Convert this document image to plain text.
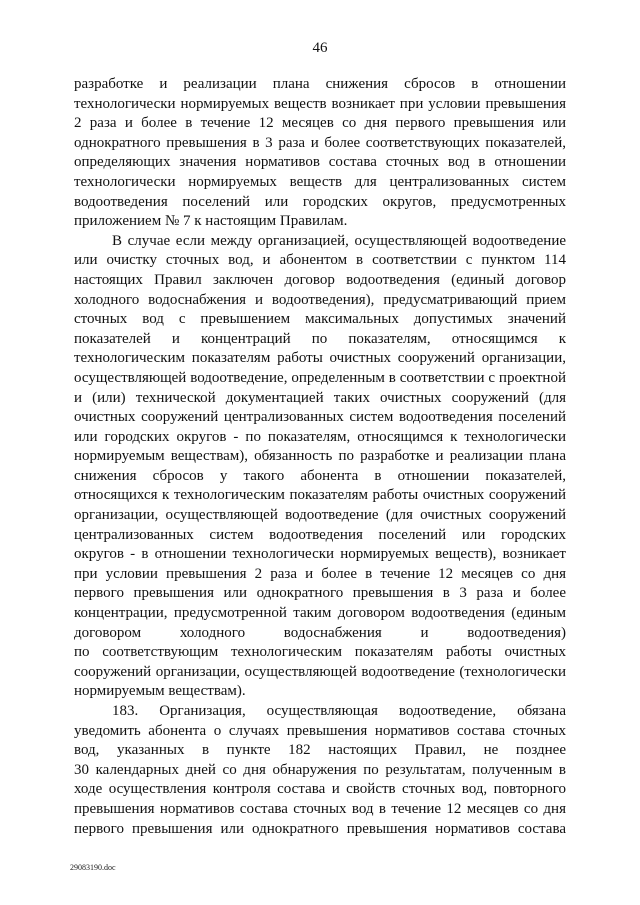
46
разработке и реализации плана снижения сбросов в отношении
технологически нормируемых веществ возникает при условии превышения
2 раза и более в течение 12 месяцев со дня первого превышения или
однократного превышения в 3 раза и более соответствующих показателей,
определяющих значения нормативов состава сточных вод в отношении
технологически нормируемых веществ для централизованных систем
водоотведения поселений или городских округов, предусмотренных
приложением № 7 к настоящим Правилам.
В случае если между организацией, осуществляющей водоотведение
или очистку сточных вод, и абонентом в соответствии с пунктом 114
настоящих Правил заключен договор водоотведения (единый договор
холодного водоснабжения и водоотведения), предусматривающий прием
сточных вод с превышением максимальных допустимых значений
показателей и концентраций по показателям, относящимся к
технологическим показателям работы очистных сооружений организации,
осуществляющей водоотведение, определенным в соответствии с проектной
и (или) технической документацией таких очистных сооружений (для
очистных сооружений централизованных систем водоотведения поселений
или городских округов - по показателям, относящимся к технологически
нормируемым веществам), обязанность по разработке и реализации плана
снижения сбросов у такого абонента в отношении показателей,
относящихся к технологическим показателям работы очистных сооружений
организации, осуществляющей водоотведение (для очистных сооружений
централизованных систем водоотведения поселений или городских
округов - в отношении технологически нормируемых веществ), возникает
при условии превышения 2 раза и более в течение 12 месяцев со дня
первого превышения или однократного превышения в 3 раза и более
концентрации, предусмотренной таким договором водоотведения (единым
договором холодного водоснабжения и водоотведения)
по соответствующим технологическим показателям работы очистных
сооружений организации, осуществляющей водоотведение (технологически
нормируемым веществам).
183. Организация, осуществляющая водоотведение, обязана
уведомить абонента о случаях превышения нормативов состава сточных
вод, указанных в пункте 182 настоящих Правил, не позднее
30 календарных дней со дня обнаружения по результатам, полученным в
ходе осуществления контроля состава и свойств сточных вод, повторного
превышения нормативов состава сточных вод в течение 12 месяцев со дня
первого превышения или однократного превышения нормативов состава
29083190.doc
